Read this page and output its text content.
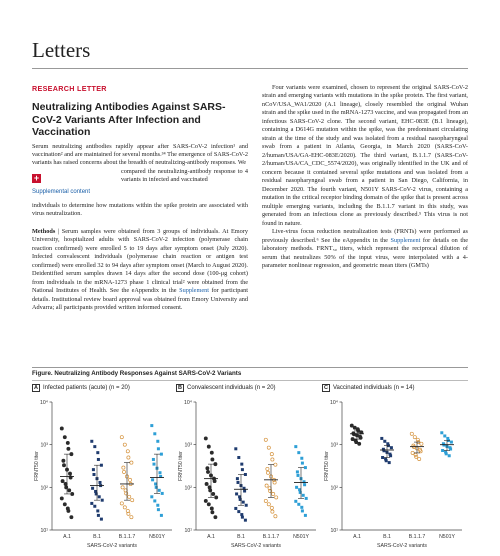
Letters
RESEARCH LETTER
Neutralizing Antibodies Against SARS-CoV-2 Variants After Infection and Vaccination

Serum neutralizing antibodies rapidly appear after SARS-CoV-2 infection¹ and vaccination² and are maintained for several months.³⁴ The emergence of SARS-CoV-2 variants has raised concerns about the breadth of neutralizing-antibody responses. We

+
Supplemental content

compared the neutralizing-antibody response to 4 variants in infected and vaccinated

individuals to determine how mutations within the spike protein are associated with virus neutralization.

Methods | Serum samples were obtained from 3 groups of individuals. At Emory University, hospitalized adults with SARS-CoV-2 infection (polymerase chain reaction confirmed) were enrolled 5 to 19 days after symptom onset (July 2020). Infected convalescent individuals (polymerase chain reaction or antigen test confirmed) were enrolled 32 to 94 days after symptom onset (March to August 2020). Deidentified serum samples drawn 14 days after the second dose (100-μg cohort) from individuals in the mRNA-1273 phase 1 clinical trial² were obtained from the National Institutes of Health. See the eAppendix in the Supplement for participant details. Institutional review board approval was obtained from Emory University and Advarra; all participants provided written informed consent.

Four variants were examined, chosen to represent the original SARS-CoV-2 strain and emerging variants with mutations in the spike protein. The first variant, nCoV/USA_WA1/2020 (A.1 lineage), closely resembled the original Wuhan strain and the spike used in the mRNA-1273 vaccine, and was propagated from an infectious SARS-CoV-2 clone. The second variant, EHC-083E (B.1 lineage), containing a D614G mutation within the spike, was the predominant circulating strain at the time of the study and was isolated from a residual nasopharyngeal swab from a patient in Atlanta, Georgia, in March 2020 (SARS-CoV-2/human/USA/GA-EHC-083E/2020). The third variant, B.1.1.7 (SARS-CoV-2/human/USA/CA_CDC_5574/2020), was originally identified in the UK and of concern because it contained several spike mutations and was isolated from a residual nasopharyngeal swab from a patient in San Diego, California, in December 2020. The fourth variant, N501Y SARS-CoV-2 virus, containing a mutation in the critical receptor binding domain of the spike that is present across multiple emerging variants, including the B.1.1.7 variant in this study, was generated from an infectious clone as previously described.⁵ This virus is not found in nature.

Live-virus focus reduction neutralization tests (FRNTs) were performed as previously described.⁶ See the eAppendix in the Supplement for details on the laboratory methods. FRNT₅₀ titers, which represent the reciprocal dilution of serum that neutralizes 50% of the input virus, were interpolated with a 4-parameter nonlinear regression, and geometric mean titers (GMTs)

Figure. Neutralizing Antibody Responses Against SARS-CoV-2 Variants
A Infected patients (acute) (n = 20)
10¹
10²
10³
10⁴
FRNT50 titer
A.1	B.1	B.1.1.7	N501Y
SARS-CoV-2 variants
B Convalescent individuals (n = 20)
10¹
10²
10³
10⁴
FRNT50 titer
A.1	B.1	B.1.1.7	N501Y
SARS-CoV-2 variants
C Vaccinated individuals (n = 14)
10¹
10²
10³
10⁴
FRNT50 titer
A.1	B.1	B.1.1.7	N501Y
SARS-CoV-2 variants
